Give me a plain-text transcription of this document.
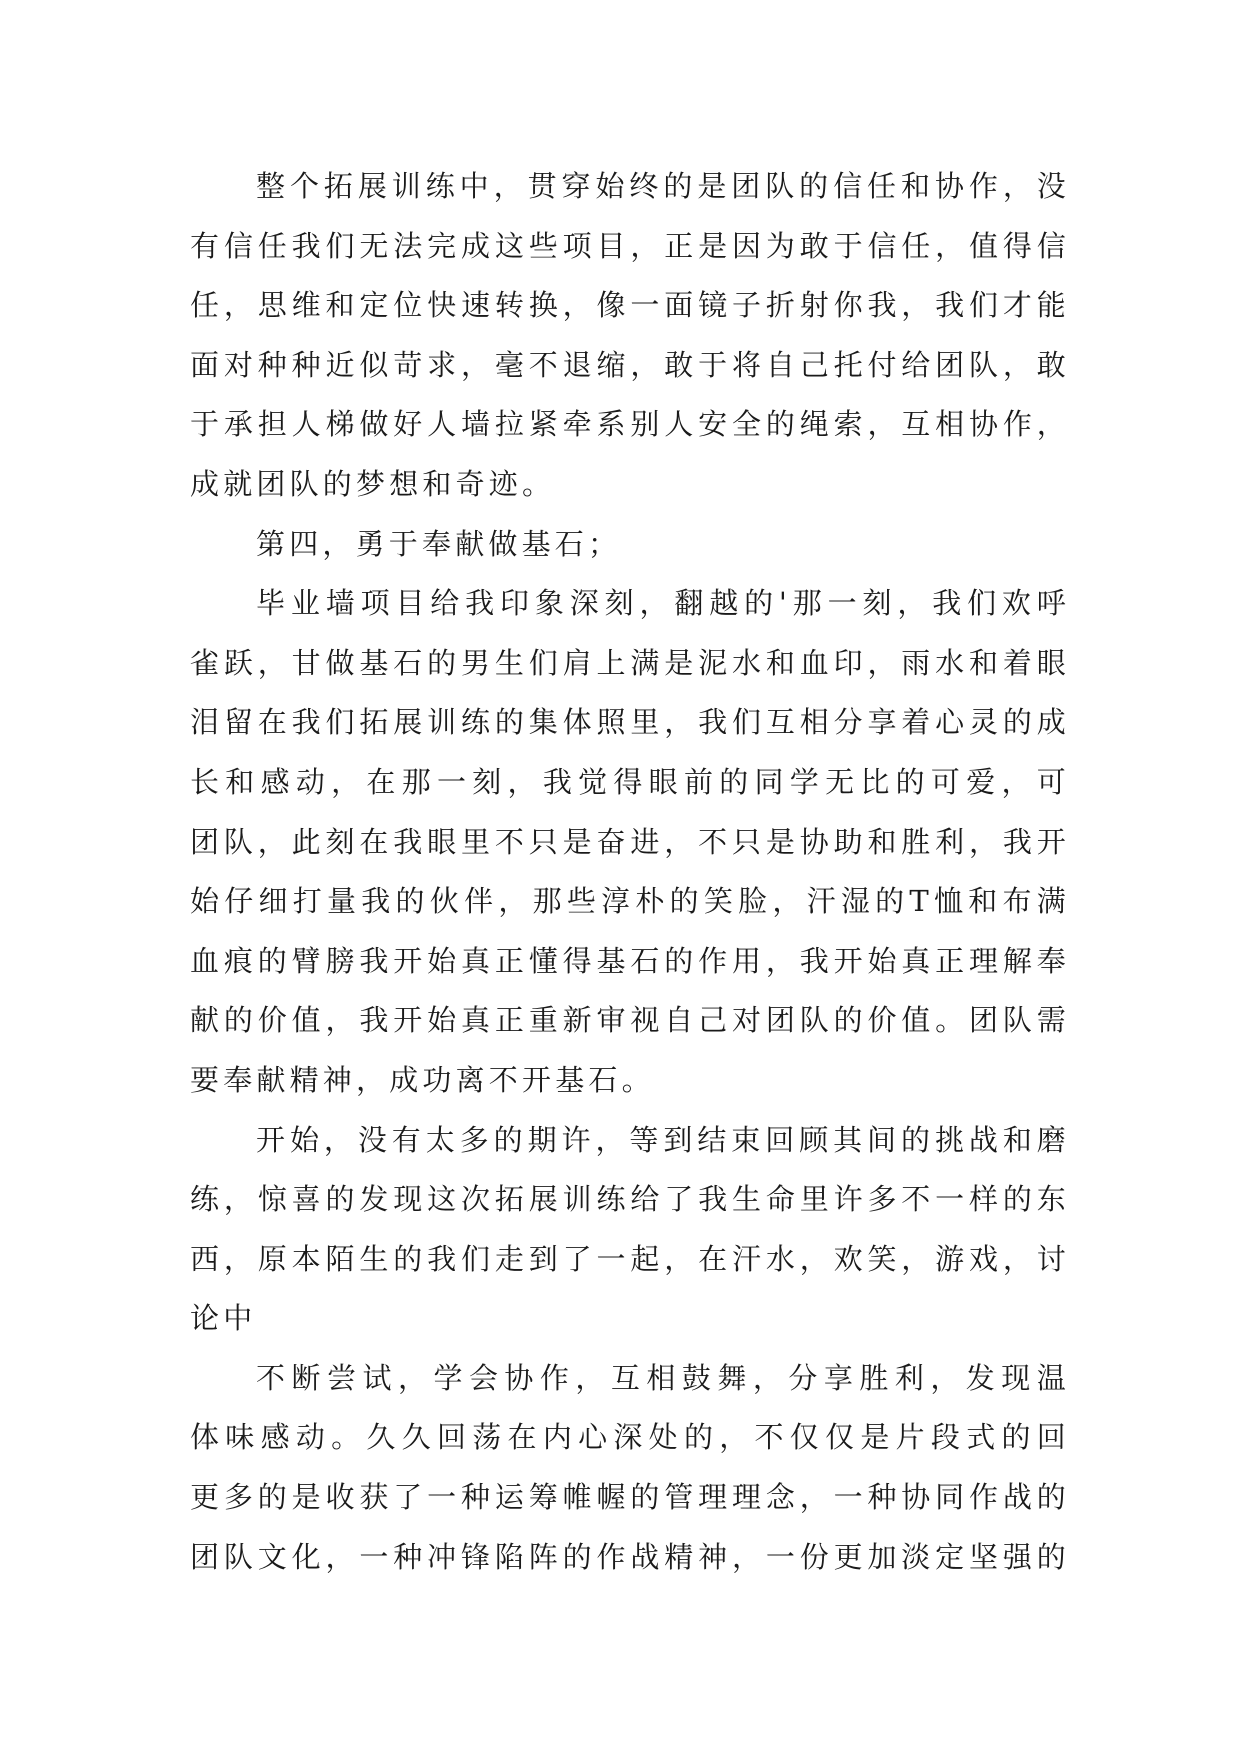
整个拓展训练中，贯穿始终的是团队的信任和协作，没
有信任我们无法完成这些项目，正是因为敢于信任，值得信
任，思维和定位快速转换，像一面镜子折射你我，我们才能
面对种种近似苛求，毫不退缩，敢于将自己托付给团队，敢
于承担人梯做好人墙拉紧牵系别人安全的绳索，互相协作，
成就团队的梦想和奇迹。
第四，勇于奉献做基石；
毕业墙项目给我印象深刻，翻越的'那一刻，我们欢呼
雀跃，甘做基石的男生们肩上满是泥水和血印，雨水和着眼
泪留在我们拓展训练的集体照里，我们互相分享着心灵的成
长和感动，在那一刻，我觉得眼前的同学无比的可爱，可
团队，此刻在我眼里不只是奋进，不只是协助和胜利，我开
始仔细打量我的伙伴，那些淳朴的笑脸，汗湿的T恤和布满
血痕的臂膀我开始真正懂得基石的作用，我开始真正理解奉
献的价值，我开始真正重新审视自己对团队的价值。团队需
要奉献精神，成功离不开基石。
开始，没有太多的期许，等到结束回顾其间的挑战和磨
练，惊喜的发现这次拓展训练给了我生命里许多不一样的东
西，原本陌生的我们走到了一起，在汗水，欢笑，游戏，讨
论中
不断尝试，学会协作，互相鼓舞，分享胜利，发现温
体味感动。久久回荡在内心深处的，不仅仅是片段式的回
更多的是收获了一种运筹帷幄的管理理念，一种协同作战的
团队文化，一种冲锋陷阵的作战精神，一份更加淡定坚强的
